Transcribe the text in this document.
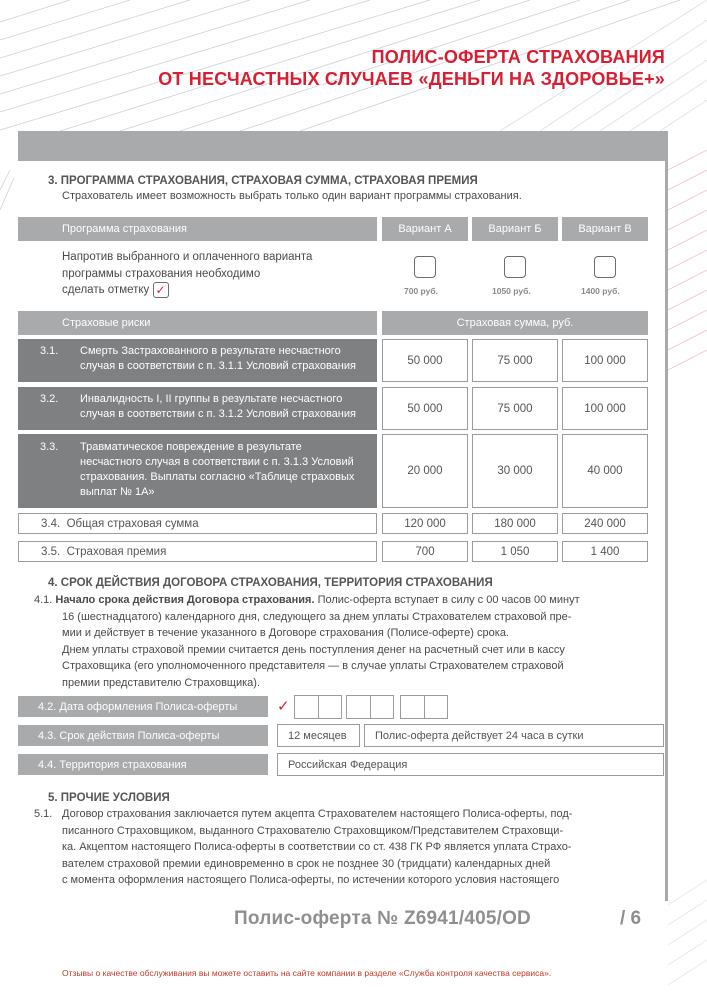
ПОЛИС-ОФЕРТА СТРАХОВАНИЯ
ОТ НЕСЧАСТНЫХ СЛУЧАЕВ «ДЕНЬГИ НА ЗДОРОВЬЕ+»
3. ПРОГРАММА СТРАХОВАНИЯ, СТРАХОВАЯ СУММА, СТРАХОВАЯ ПРЕМИЯ
Страхователь имеет возможность выбрать только один вариант программы страхования.
Программа страхования	Вариант А	Вариант Б	Вариант В
Напротив выбранного и оплаченного варианта
программы страхования необходимо
сделать отметку ✓	700 руб.	1050 руб.	1400 руб.
Страховые риски	Страховая сумма, руб.
3.1. Смерть Застрахованного в результате несчастного
случая в соответствии с п. 3.1.1 Условий страхования	50 000	75 000	100 000
3.2. Инвалидность I, II группы в результате несчастного
случая в соответствии с п. 3.1.2 Условий страхования	50 000	75 000	100 000
3.3. Травматическое повреждение в результате
несчастного случая в соответствии с п. 3.1.3 Условий
страхования. Выплаты согласно «Таблице страховых
выплат № 1А»
20 000	30 000	40 000
3.4.
Общая страховая сумма	120 000	180 000	240 000
3.5.
Страховая премия	700	1 050	1 400
4. СРОК ДЕЙСТВИЯ ДОГОВОРА СТРАХОВАНИЯ, ТЕРРИТОРИЯ СТРАХОВАНИЯ
4.1. Начало срока действия Договора страхования. Полис-оферта вступает в силу с 00 часов 00 минут
16 (шестнадцатого) календарного дня, следующего за днем уплаты Страхователем страховой пре-
мии и действует в течение указанного в Договоре страхования (Полисе-оферте) срока.
Днем уплаты страховой премии считается день поступления денег на расчетный счет или в кассу
Страховщика (его уполномоченного представителя — в случае уплаты Страхователем страховой
премии представителю Страховщика).
4.2. Дата оформления Полиса-оферты	✓
4.3. Срок действия Полиса-оферты	12 месяцев	Полис-оферта действует 24 часа в сутки
4.4. Территория страхования	Российская Федерация
5. ПРОЧИЕ УСЛОВИЯ
5.1. Договор страхования заключается путем акцепта Страхователем настоящего Полиса-оферты, под-
писанного Страховщиком, выданного Страхователю Страховщиком/Представителем Страховщи-
ка. Акцептом настоящего Полиса-оферты в соответствии со ст. 438 ГК РФ является уплата Страхо-
вателем страховой премии единовременно в срок не позднее 30 (тридцати) календарных дней
с момента оформления настоящего Полиса-оферты, по истечении которого условия настоящего
Полис-оферта № Z6941/405/OD	/ 6
Отзывы о качестве обслуживания вы можете оставить на сайте компании в разделе «Служба контроля качества сервиса».
